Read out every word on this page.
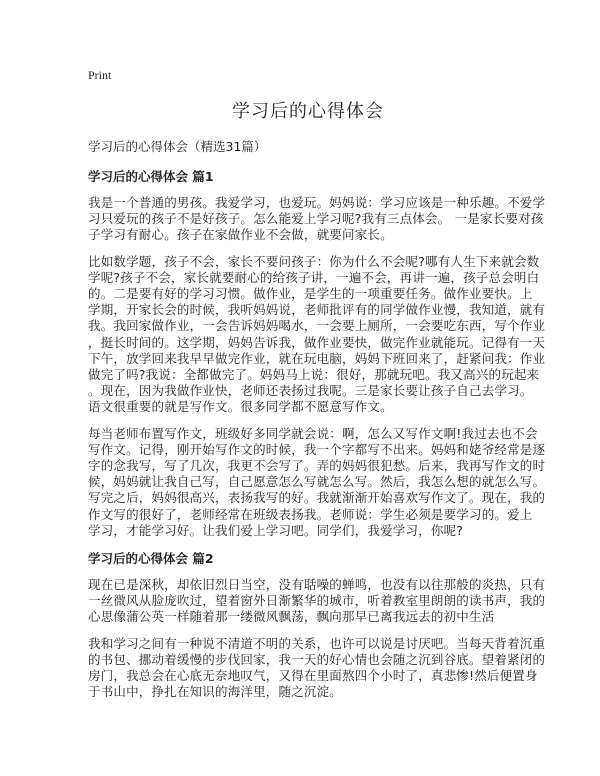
Print
学习后的心得体会
学习后的心得体会（精选31篇）
学习后的心得体会 篇1
我是一个普通的男孩。我爱学习，也爱玩。妈妈说：学习应该是一种乐趣。不爱学
习只爱玩的孩子不是好孩子。怎么能爱上学习呢?我有三点体会。 一是家长要对孩
子学习有耐心。孩子在家做作业不会做，就要问家长。
比如数学题，孩子不会，家长不要问孩子：你为什么不会呢?哪有人生下来就会数
学呢?孩子不会，家长就要耐心的给孩子讲，一遍不会，再讲一遍，孩子总会明白
的。二是要有好的学习习惯。做作业，是学生的一项重要任务。做作业要快。上
学期，开家长会的时候，我听妈妈说，老师批评有的同学做作业慢，我知道，就有
我。我回家做作业，一会告诉妈妈喝水，一会要上厕所，一会要吃东西，写个作业
，挺长时间的。这学期，妈妈告诉我，做作业要快，做完作业就能玩。记得有一天
下午，放学回来我早早做完作业，就在玩电脑，妈妈下班回来了，赶紧问我：作业
做完了吗?我说：全都做完了。妈妈马上说：很好，那就玩吧。我又高兴的玩起来
。现在，因为我做作业快，老师还表扬过我呢。三是家长要让孩子自己去学习。
语文很重要的就是写作文。很多同学都不愿意写作文。
每当老师布置写作文，班级好多同学就会说：啊，怎么又写作文啊!我过去也不会
写作文。记得，刚开始写作文的时候，我一个字都写不出来。妈妈和姥爷经常是逐
字的念我写，写了几次，我更不会写了。弄的妈妈很犯愁。后来，我再写作文的时
候，妈妈就让我自己写，自己愿意怎么写就怎么写。然后，我怎么想的就怎么写。
写完之后，妈妈很高兴，表扬我写的好。我就渐渐开始喜欢写作文了。现在，我的
作文写的很好了，老师经常在班级表扬我。老师说：学生必须是要学习的。爱上
学习，才能学习好。让我们爱上学习吧。同学们，我爱学习，你呢?
学习后的心得体会 篇2
现在已是深秋，却依旧烈日当空，没有聒噪的蝉鸣，也没有以往那般的炎热，只有
一丝微风从脸庞吹过，望着窗外日渐繁华的城市，听着教室里朗朗的读书声，我的
心思像蒲公英一样随着那一缕微风飘荡，飘向那早已离我远去的初中生活
我和学习之间有一种说不清道不明的关系，也许可以说是讨厌吧。当每天背着沉重
的书包、挪动着缓慢的步伐回家，我一天的好心情也会随之沉到谷底。望着紧闭的
房门，我总会在心底无奈地叹气，又得在里面熬四个小时了，真悲惨!然后便置身
于书山中，挣扎在知识的海洋里，随之沉淀。
